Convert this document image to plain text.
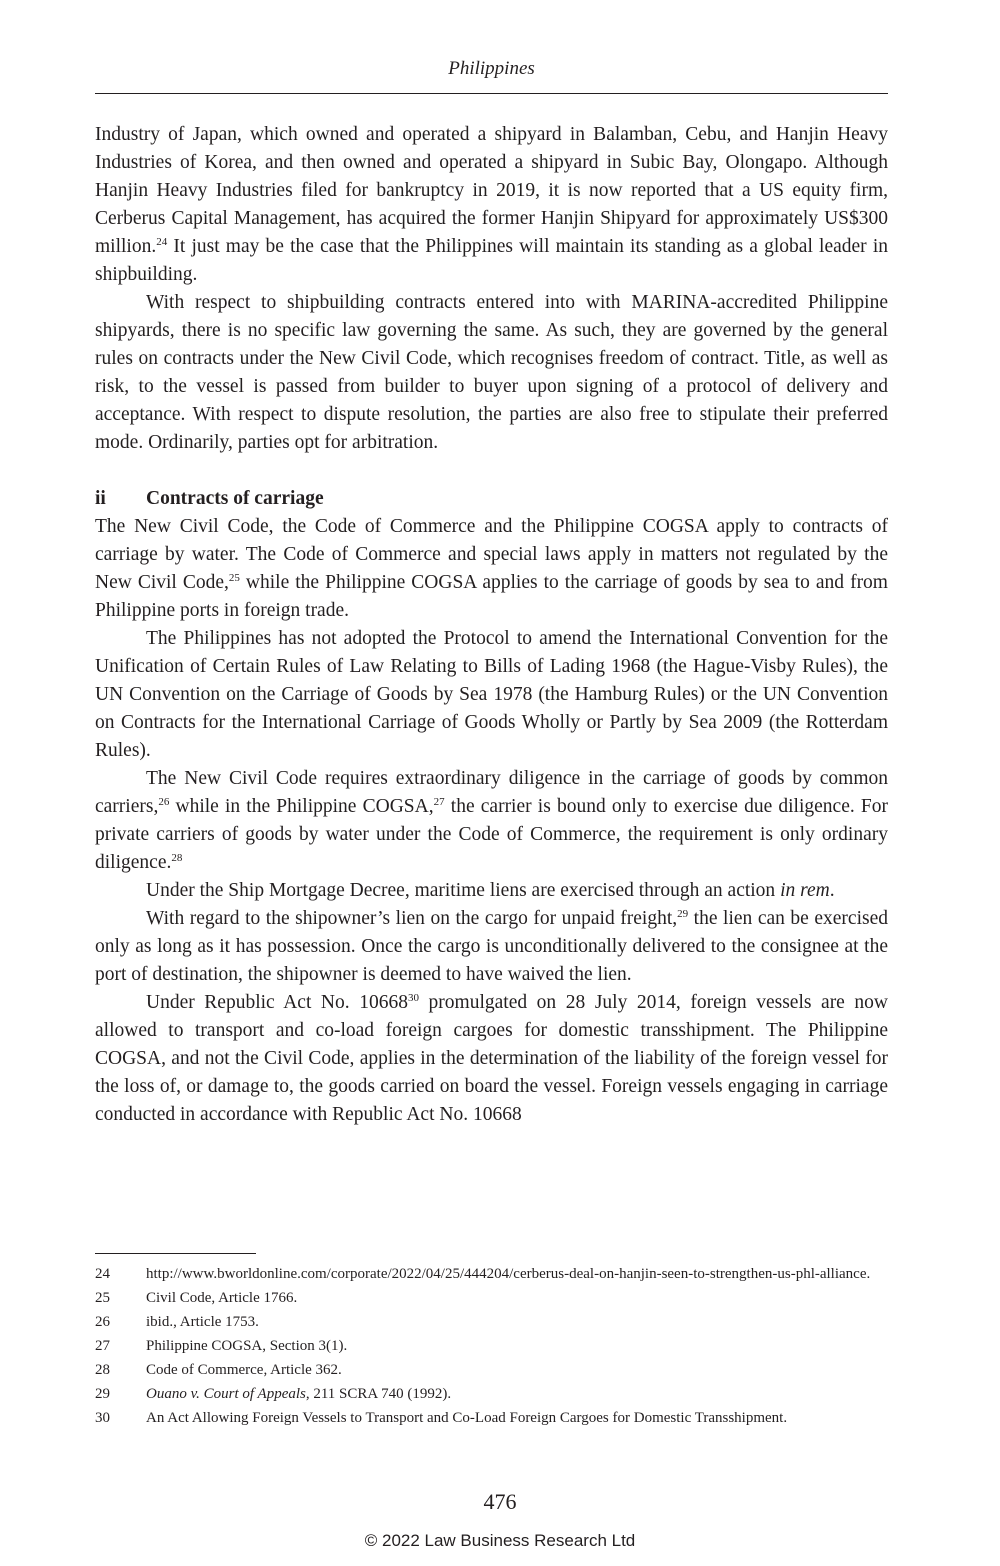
Philippines

Industry of Japan, which owned and operated a shipyard in Balamban, Cebu, and Hanjin Heavy Industries of Korea, and then owned and operated a shipyard in Subic Bay, Olongapo. Although Hanjin Heavy Industries filed for bankruptcy in 2019, it is now reported that a US equity firm, Cerberus Capital Management, has acquired the former Hanjin Shipyard for approximately US$300 million.$^{24}$ It just may be the case that the Philippines will maintain its standing as a global leader in shipbuilding.

With respect to shipbuilding contracts entered into with MARINA-accredited Philippine shipyards, there is no specific law governing the same. As such, they are governed by the general rules on contracts under the New Civil Code, which recognises freedom of contract. Title, as well as risk, to the vessel is passed from builder to buyer upon signing of a protocol of delivery and acceptance. With respect to dispute resolution, the parties are also free to stipulate their preferred mode. Ordinarily, parties opt for arbitration.

ii	Contracts of carriage

The New Civil Code, the Code of Commerce and the Philippine COGSA apply to contracts of carriage by water. The Code of Commerce and special laws apply in matters not regulated by the New Civil Code,$^{25}$ while the Philippine COGSA applies to the carriage of goods by sea to and from Philippine ports in foreign trade.

The Philippines has not adopted the Protocol to amend the International Convention for the Unification of Certain Rules of Law Relating to Bills of Lading 1968 (the Hague-Visby Rules), the UN Convention on the Carriage of Goods by Sea 1978 (the Hamburg Rules) or the UN Convention on Contracts for the International Carriage of Goods Wholly or Partly by Sea 2009 (the Rotterdam Rules).

The New Civil Code requires extraordinary diligence in the carriage of goods by common carriers,$^{26}$ while in the Philippine COGSA,$^{27}$ the carrier is bound only to exercise due diligence. For private carriers of goods by water under the Code of Commerce, the requirement is only ordinary diligence.$^{28}$

Under the Ship Mortgage Decree, maritime liens are exercised through an action in rem.

With regard to the shipowner’s lien on the cargo for unpaid freight,$^{29}$ the lien can be exercised only as long as it has possession. Once the cargo is unconditionally delivered to the consignee at the port of destination, the shipowner is deemed to have waived the lien.

Under Republic Act No. 10668$^{30}$ promulgated on 28 July 2014, foreign vessels are now allowed to transport and co-load foreign cargoes for domestic transshipment. The Philippine COGSA, and not the Civil Code, applies in the determination of the liability of the foreign vessel for the loss of, or damage to, the goods carried on board the vessel. Foreign vessels engaging in carriage conducted in accordance with Republic Act No. 10668

24	http://www.bworldonline.com/corporate/2022/04/25/444204/cerberus-deal-on-hanjin-seen-to-strengthen-us-phl-alliance.
25	Civil Code, Article 1766.
26	ibid., Article 1753.
27	Philippine COGSA, Section 3(1).
28	Code of Commerce, Article 362.
29	Ouano v. Court of Appeals, 211 SCRA 740 (1992).
30	An Act Allowing Foreign Vessels to Transport and Co-Load Foreign Cargoes for Domestic Transshipment.
476
© 2022 Law Business Research Ltd
